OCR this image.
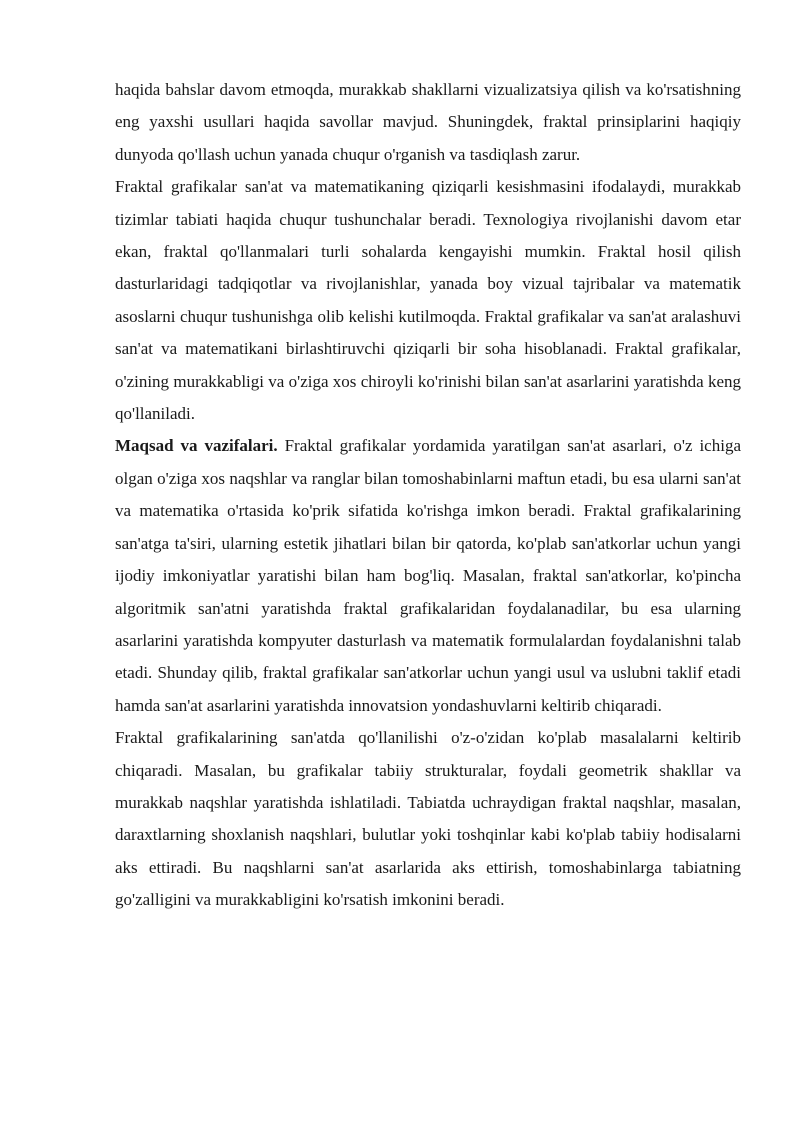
haqida bahslar davom etmoqda, murakkab shakllarni vizualizatsiya qilish va ko'rsatishning eng yaxshi usullari haqida savollar mavjud. Shuningdek, fraktal prinsiplarini haqiqiy dunyoda qo'llash uchun yanada chuqur o'rganish va tasdiqlash zarur.

Fraktal grafikalar san'at va matematikaning qiziqarli kesishmasini ifodalaydi, murakkab tizimlar tabiati haqida chuqur tushunchalar beradi. Texnologiya rivojlanishi davom etar ekan, fraktal qo'llanmalari turli sohalarda kengayishi mumkin. Fraktal hosil qilish dasturlaridagi tadqiqotlar va rivojlanishlar, yanada boy vizual tajribalar va matematik asoslarni chuqur tushunishga olib kelishi kutilmoqda. Fraktal grafikalar va san'at aralashuvi san'at va matematikani birlashtiruvchi qiziqarli bir soha hisoblanadi. Fraktal grafikalar, o'zining murakkabligi va o'ziga xos chiroyli ko'rinishi bilan san'at asarlarini yaratishda keng qo'llaniladi.

Maqsad va vazifalari. Fraktal grafikalar yordamida yaratilgan san'at asarlari, o'z ichiga olgan o'ziga xos naqshlar va ranglar bilan tomoshabinlarni maftun etadi, bu esa ularni san'at va matematika o'rtasida ko'prik sifatida ko'rishga imkon beradi. Fraktal grafikalarining san'atga ta'siri, ularning estetik jihatlari bilan bir qatorda, ko'plab san'atkorlar uchun yangi ijodiy imkoniyatlar yaratishi bilan ham bog'liq. Masalan, fraktal san'atkorlar, ko'pincha algoritmik san'atni yaratishda fraktal grafikalaridan foydalanadilar, bu esa ularning asarlarini yaratishda kompyuter dasturlash va matematik formulalardan foydalanishni talab etadi. Shunday qilib, fraktal grafikalar san'atkorlar uchun yangi usul va uslubni taklif etadi hamda san'at asarlarini yaratishda innovatsion yondashuvlarni keltirib chiqaradi.

Fraktal grafikalarining san'atda qo'llanilishi o'z-o'zidan ko'plab masalalarni keltirib chiqaradi. Masalan, bu grafikalar tabiiy strukturalar, foydali geometrik shakllar va murakkab naqshlar yaratishda ishlatiladi. Tabiatda uchraydigan fraktal naqshlar, masalan, daraxtlarning shoxlanish naqshlari, bulutlar yoki toshqinlar kabi ko'plab tabiiy hodisalarni aks ettiradi. Bu naqshlarni san'at asarlarida aks ettirish, tomoshabinlarga tabiatning go'zalligini va murakkabligini ko'rsatish imkonini beradi.
